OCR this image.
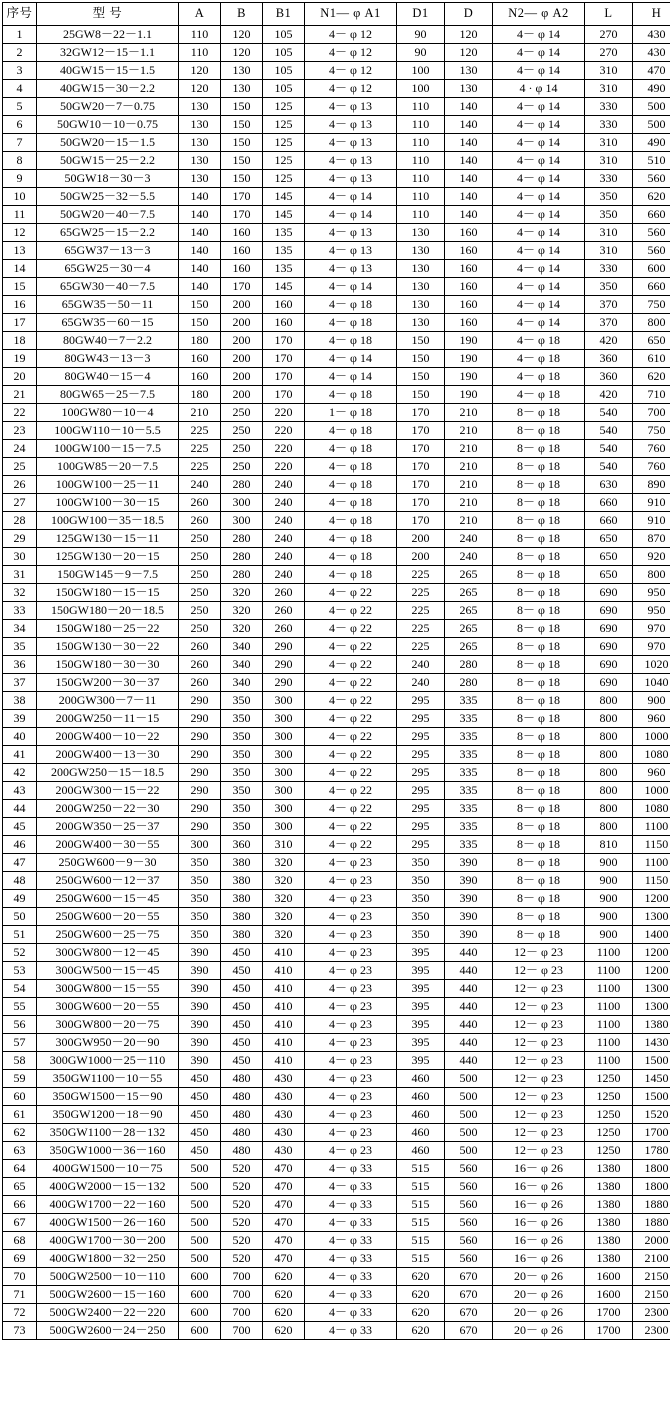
序号	型 号	A	B	B1	N1— φ A1	D1	D	N2— φ A2	L	H
1	25GW8－22－1.1	110	120	105	4－ φ 12	90	120	4－ φ 14	270	430
2	32GW12－15－1.1	110	120	105	4－ φ 12	90	120	4－ φ 14	270	430
3	40GW15－15－1.5	120	130	105	4－ φ 12	100	130	4－ φ 14	310	470
4	40GW15－30－2.2	120	130	105	4－ φ 12	100	130	4 · φ 14	310	490
5	50GW20－7－0.75	130	150	125	4－ φ 13	110	140	4－ φ 14	330	500
6	50GW10－10－0.75	130	150	125	4－ φ 13	110	140	4－ φ 14	330	500
7	50GW20－15－1.5	130	150	125	4－ φ 13	110	140	4－ φ 14	310	490
8	50GW15－25－2.2	130	150	125	4－ φ 13	110	140	4－ φ 14	310	510
9	50GW18－30－3	130	150	125	4－ φ 13	110	140	4－ φ 14	330	560
10	50GW25－32－5.5	140	170	145	4－ φ 14	110	140	4－ φ 14	350	620
11	50GW20－40－7.5	140	170	145	4－ φ 14	110	140	4－ φ 14	350	660
12	65GW25－15－2.2	140	160	135	4－ φ 13	130	160	4－ φ 14	310	560
13	65GW37－13－3	140	160	135	4－ φ 13	130	160	4－ φ 14	310	560
14	65GW25－30－4	140	160	135	4－ φ 13	130	160	4－ φ 14	330	600
15	65GW30－40－7.5	140	170	145	4－ φ 14	130	160	4－ φ 14	350	660
16	65GW35－50－11	150	200	160	4－ φ 18	130	160	4－ φ 14	370	750
17	65GW35－60－15	150	200	160	4－ φ 18	130	160	4－ φ 14	370	800
18	80GW40－7－2.2	180	200	170	4－ φ 18	150	190	4－ φ 18	420	650
19	80GW43－13－3	160	200	170	4－ φ 14	150	190	4－ φ 18	360	610
20	80GW40－15－4	160	200	170	4－ φ 14	150	190	4－ φ 18	360	620
21	80GW65－25－7.5	180	200	170	4－ φ 18	150	190	4－ φ 18	420	710
22	100GW80－10－4	210	250	220	1－ φ 18	170	210	8－ φ 18	540	700
23	100GW110－10－5.5	225	250	220	4－ φ 18	170	210	8－ φ 18	540	750
24	100GW100－15－7.5	225	250	220	4－ φ 18	170	210	8－ φ 18	540	760
25	100GW85－20－7.5	225	250	220	4－ φ 18	170	210	8－ φ 18	540	760
26	100GW100－25－11	240	280	240	4－ φ 18	170	210	8－ φ 18	630	890
27	100GW100－30－15	260	300	240	4－ φ 18	170	210	8－ φ 18	660	910
28	100GW100－35－18.5	260	300	240	4－ φ 18	170	210	8－ φ 18	660	910
29	125GW130－15－11	250	280	240	4－ φ 18	200	240	8－ φ 18	650	870
30	125GW130－20－15	250	280	240	4－ φ 18	200	240	8－ φ 18	650	920
31	150GW145－9－7.5	250	280	240	4－ φ 18	225	265	8－ φ 18	650	800
32	150GW180－15－15	250	320	260	4－ φ 22	225	265	8－ φ 18	690	950
33	150GW180－20－18.5	250	320	260	4－ φ 22	225	265	8－ φ 18	690	950
34	150GW180－25－22	250	320	260	4－ φ 22	225	265	8－ φ 18	690	970
35	150GW130－30－22	260	340	290	4－ φ 22	225	265	8－ φ 18	690	970
36	150GW180－30－30	260	340	290	4－ φ 22	240	280	8－ φ 18	690	1020
37	150GW200－30－37	260	340	290	4－ φ 22	240	280	8－ φ 18	690	1040
38	200GW300－7－11	290	350	300	4－ φ 22	295	335	8－ φ 18	800	900
39	200GW250－11－15	290	350	300	4－ φ 22	295	335	8－ φ 18	800	960
40	200GW400－10－22	290	350	300	4－ φ 22	295	335	8－ φ 18	800	1000
41	200GW400－13－30	290	350	300	4－ φ 22	295	335	8－ φ 18	800	1080
42	200GW250－15－18.5	290	350	300	4－ φ 22	295	335	8－ φ 18	800	960
43	200GW300－15－22	290	350	300	4－ φ 22	295	335	8－ φ 18	800	1000
44	200GW250－22－30	290	350	300	4－ φ 22	295	335	8－ φ 18	800	1080
45	200GW350－25－37	290	350	300	4－ φ 22	295	335	8－ φ 18	800	1100
46	200GW400－30－55	300	360	310	4－ φ 22	295	335	8－ φ 18	810	1150
47	250GW600－9－30	350	380	320	4－ φ 23	350	390	8－ φ 18	900	1100
48	250GW600－12－37	350	380	320	4－ φ 23	350	390	8－ φ 18	900	1150
49	250GW600－15－45	350	380	320	4－ φ 23	350	390	8－ φ 18	900	1200
50	250GW600－20－55	350	380	320	4－ φ 23	350	390	8－ φ 18	900	1300
51	250GW600－25－75	350	380	320	4－ φ 23	350	390	8－ φ 18	900	1400
52	300GW800－12－45	390	450	410	4－ φ 23	395	440	12－ φ 23	1100	1200
53	300GW500－15－45	390	450	410	4－ φ 23	395	440	12－ φ 23	1100	1200
54	300GW800－15－55	390	450	410	4－ φ 23	395	440	12－ φ 23	1100	1300
55	300GW600－20－55	390	450	410	4－ φ 23	395	440	12－ φ 23	1100	1300
56	300GW800－20－75	390	450	410	4－ φ 23	395	440	12－ φ 23	1100	1380
57	300GW950－20－90	390	450	410	4－ φ 23	395	440	12－ φ 23	1100	1430
58	300GW1000－25－110	390	450	410	4－ φ 23	395	440	12－ φ 23	1100	1500
59	350GW1100－10－55	450	480	430	4－ φ 23	460	500	12－ φ 23	1250	1450
60	350GW1500－15－90	450	480	430	4－ φ 23	460	500	12－ φ 23	1250	1500
61	350GW1200－18－90	450	480	430	4－ φ 23	460	500	12－ φ 23	1250	1520
62	350GW1100－28－132	450	480	430	4－ φ 23	460	500	12－ φ 23	1250	1700
63	350GW1000－36－160	450	480	430	4－ φ 23	460	500	12－ φ 23	1250	1780
64	400GW1500－10－75	500	520	470	4－ φ 33	515	560	16－ φ 26	1380	1800
65	400GW2000－15－132	500	520	470	4－ φ 33	515	560	16－ φ 26	1380	1800
66	400GW1700－22－160	500	520	470	4－ φ 33	515	560	16－ φ 26	1380	1880
67	400GW1500－26－160	500	520	470	4－ φ 33	515	560	16－ φ 26	1380	1880
68	400GW1700－30－200	500	520	470	4－ φ 33	515	560	16－ φ 26	1380	2000
69	400GW1800－32－250	500	520	470	4－ φ 33	515	560	16－ φ 26	1380	2100
70	500GW2500－10－110	600	700	620	4－ φ 33	620	670	20－ φ 26	1600	2150
71	500GW2600－15－160	600	700	620	4－ φ 33	620	670	20－ φ 26	1600	2150
72	500GW2400－22－220	600	700	620	4－ φ 33	620	670	20－ φ 26	1700	2300
73	500GW2600－24－250	600	700	620	4－ φ 33	620	670	20－ φ 26	1700	2300
